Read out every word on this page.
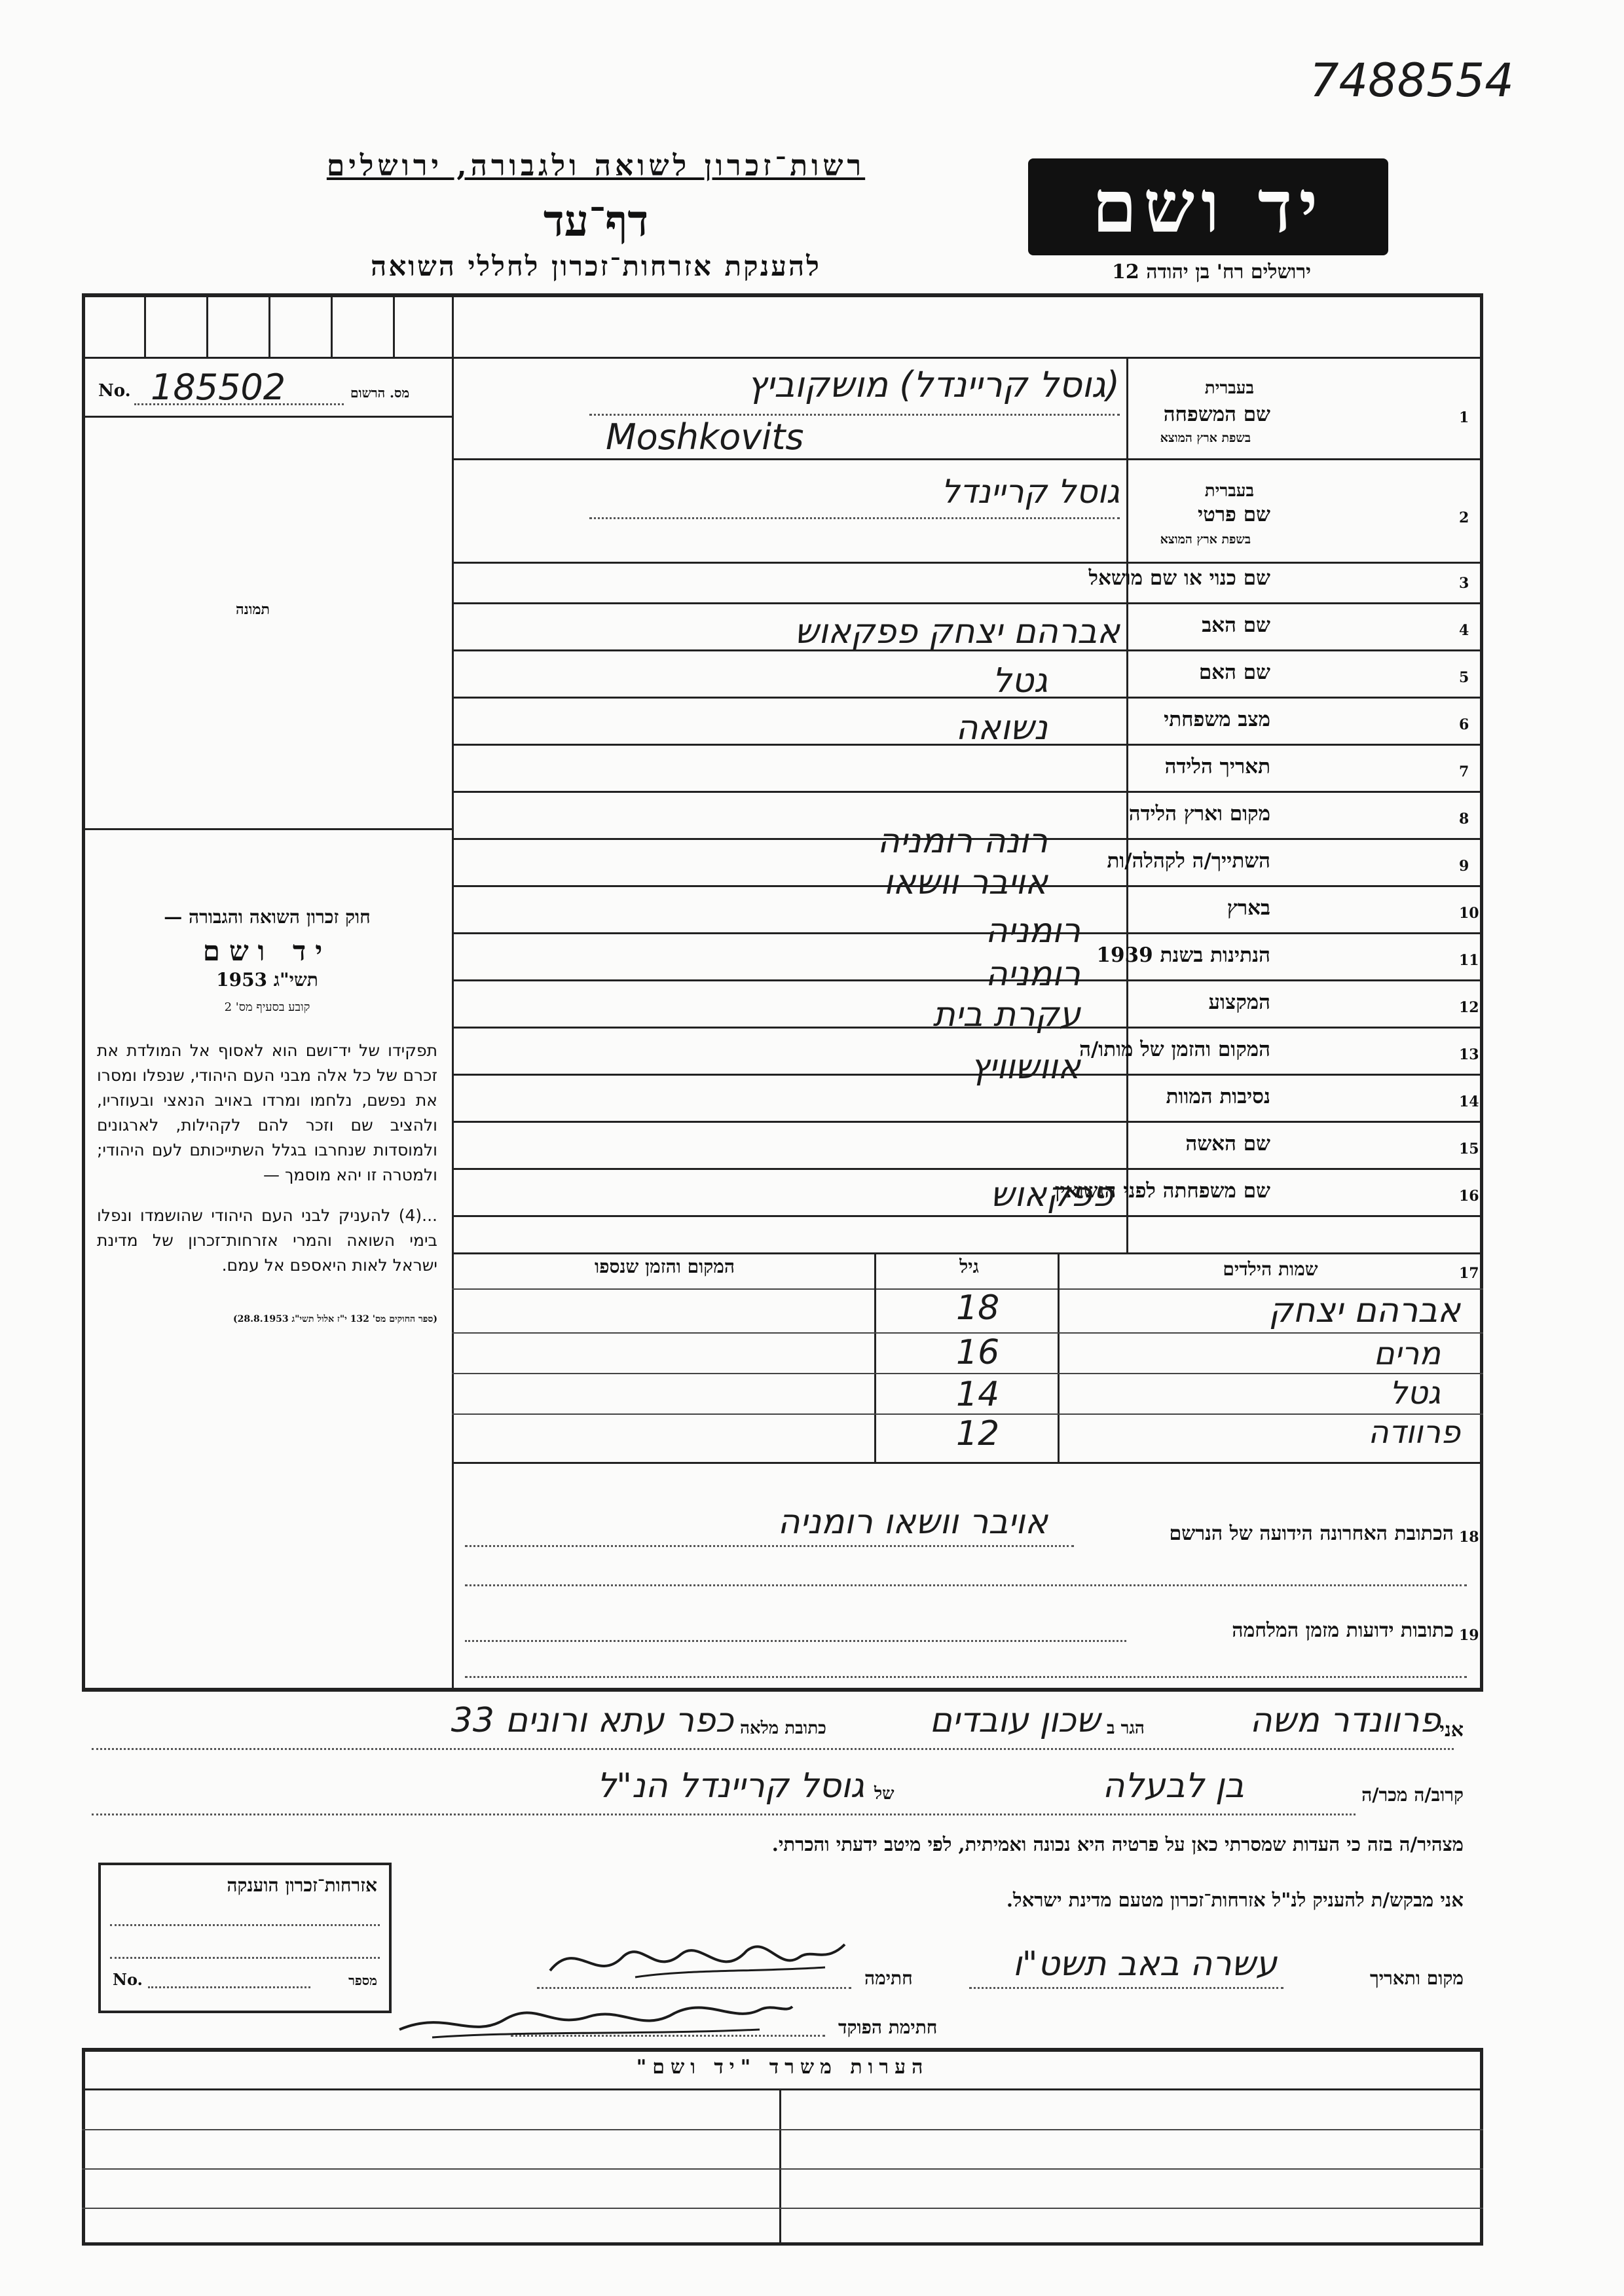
7488554
רשות־זכרון לשואה ולגבורה, ירושלים
דף־עד
להענקת אזרחות־זכרון לחללי השואה
יד ושם
ירושלים רח' בן יהודה 12
No. 185502	מס. הרשום
תמונה

חוק זכרון השואה והגבורה —

יד ושם

תשי"ג 1953

קובע בסעיף מס' 2

תפקידו של יד־ושם הוא לאסוף אל המולדת את זכרם של כל אלה מבני העם היהודי, שנפלו ומסרו את נפשם, נלחמו ומרדו באויב הנאצי ובעוזריו, ולהציב שם וזכר להם לקהילות, לארגונים ולמוסדות שנחרבו בגלל השתייכותם לעם היהודי; ולמטרה זו יהא מוסמך —

...(4) להעניק לבני העם היהודי שהושמדו ונפלו בימי השואה והמרי אזרחות־זכרון של מדינת ישראל לאות היאספם אל עמם.

(ספר החוקים מס' 132 י"ז אלול תשי"ג 28.8.1953)

1
שם המשפחה
בעברית
בשפת ארץ המוצא
(גוסל קריינדל) מושקוביץ
Moshkovits
2
שם פרטי
בעברית
בשפת ארץ המוצא
גוסל קריינדל
3
שם כנוי או שם מושאל
4
שם האב
אברהם יצחק פפקאוש
5
שם האם
גטל
6
מצב משפחתי
נשואה
7
תאריך הלידה
8
מקום וארץ הלידה
רונה רומניה
9
השתייך/ה לקהלה/ות
אויבר וושאו
10
בארץ
רומניה
11
הנתינות בשנת 1939
רומניה
12
המקצוע
עקרת בית
13
המקום והזמן של מותו/ה
אוושוויץ
14
נסיבות המוות
15
שם האשה
16
שם משפחתה לפני הנשואין
פפקאוש
17
שמות הילדים
גיל
המקום והזמן שנספו
אברהם יצחק
18
מרים
16
גטל
14
פרוודה
12
18
הכתובת האחרונה הידועה של הנרשם
אויבר וושאו רומניה
19
כתובות ידועות מזמן המלחמה
אני
פרוונדר משה
הגר ב
שכון עובדים
כתובת מלאה
כפר עתא ורונים 33
קרוב/ה מכר/ה
בן לבעלה
של
גוסל קריינדל הנ"ל
מצהיר/ה בזה כי העדות שמסרתי כאן על פרטיה היא נכונה ואמיתית, לפי מיטב ידעתי והכרתי.
אני מבקש/ת להעניק לנ"ל אזרחות־זכרון מטעם מדינת ישראל.
מקום ותאריך
עשרה באב תשט"ו
חתימה
חתימת הפוקד
אזרחות־זכרון הוענקה
No.	מספר
הערות משרד "יד ושם"
